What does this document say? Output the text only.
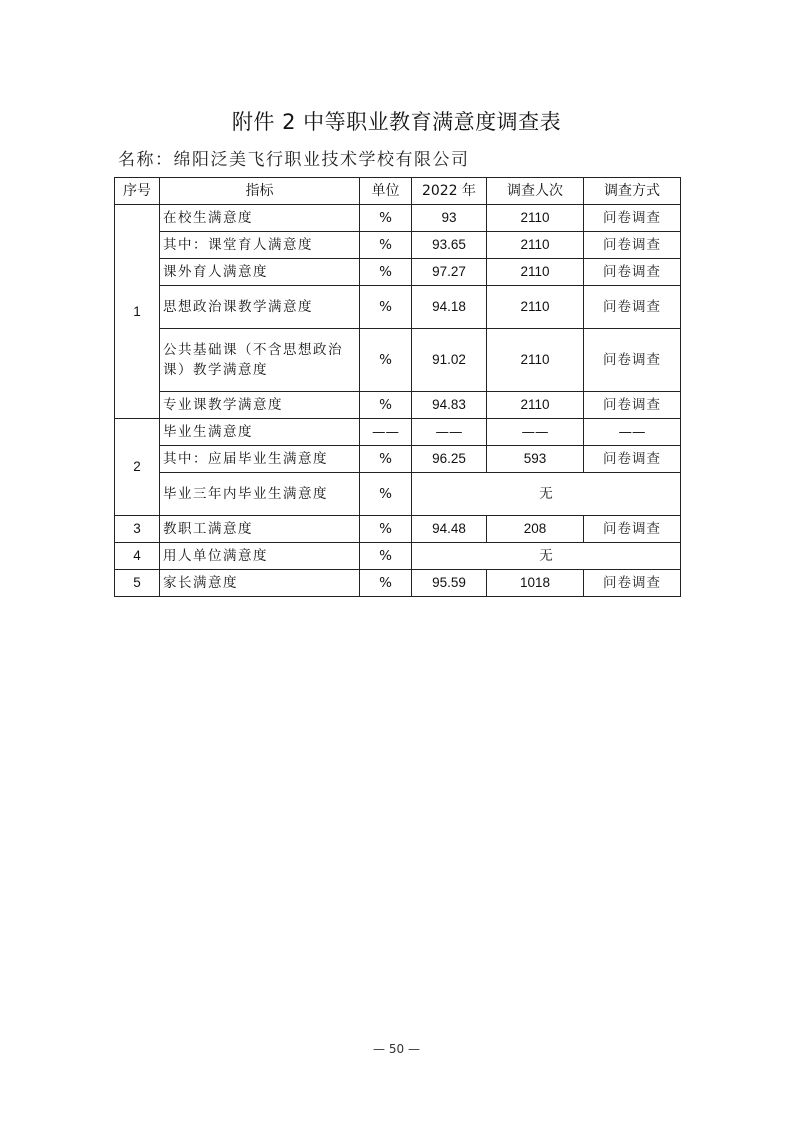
附件 2 中等职业教育满意度调查表
名称：绵阳泛美飞行职业技术学校有限公司
序号	指标	单位	2022 年	调查人次	调查方式
1	在校生满意度	%	93	2110	问卷调查
	其中：课堂育人满意度	%	93.65	2110	问卷调查
	课外育人满意度	%	97.27	2110	问卷调查
	思想政治课教学满意度	%	94.18	2110	问卷调查
	公共基础课（不含思想政治课）教学满意度	%	91.02	2110	问卷调查
	专业课教学满意度	%	94.83	2110	问卷调查
2	毕业生满意度	——	——	——	——
	其中：应届毕业生满意度	%	96.25	593	问卷调查
	毕业三年内毕业生满意度	%	无		
3	教职工满意度	%	94.48	208	问卷调查
4	用人单位满意度	%	无		
5	家长满意度	%	95.59	1018	问卷调查
— 50 —
